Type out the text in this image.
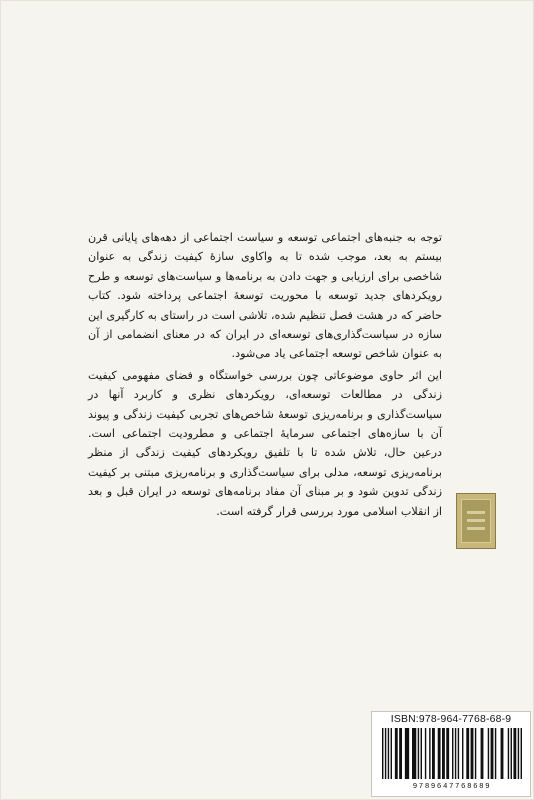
توجه به جنبه‌های اجتماعی توسعه و سیاست اجتماعی از دهه‌های پایانی قرن بیستم به بعد، موجب شده تا به واکاوی سازهٔ کیفیت زندگی به عنوان شاخصی برای ارزیابی و جهت دادن به برنامه‌ها و سیاست‌های توسعه و طرح رویکردهای جدید توسعه با محوریت توسعهٔ اجتماعی پرداخته شود. کتاب حاضر که در هشت فصل تنظیم شده، تلاشی است در راستای به کارگیری این سازه در سیاست‌گذاری‌های توسعه‌ای در ایران که در معنای انضمامی از آن به عنوان شاخص توسعه اجتماعی یاد می‌شود.

این اثر حاوی موضوعاتی چون بررسی خواستگاه و فضای مفهومی کیفیت زندگی در مطالعات توسعه‌ای، رویکردهای نظری و کاربرد آنها در سیاست‌گذاری و برنامه‌ریزی توسعهٔ شاخص‌های تجربی کیفیت زندگی و پیوند آن با سازه‌های اجتماعی سرمایهٔ اجتماعی و مطرودیت اجتماعی است. درعین حال، تلاش شده تا با تلفیق رویکردهای کیفیت زندگی از منظر برنامه‌ریزی توسعه، مدلی برای سیاست‌گذاری و برنامه‌ریزی مبتنی بر کیفیت زندگی تدوین شود و بر مبنای آن مفاد برنامه‌های توسعه در ایران قبل و بعد از انقلاب اسلامی مورد بررسی قرار گرفته است.

ISBN:978-964-7768-68-9
9789647768689
